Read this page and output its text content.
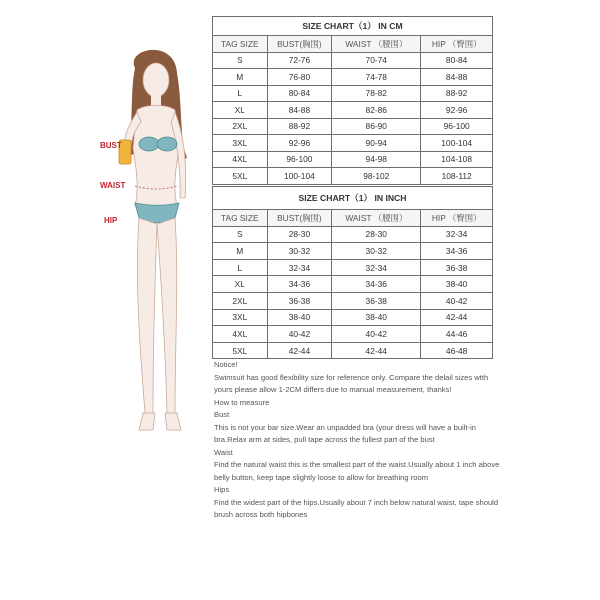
BUST
WAIST
HIP
SIZE CHART（1） IN CM			
TAG SIZE	BUST(胸围)	WAIST （腰围）	HIP （臀围）
S	72-76	70-74	80-84
M	76-80	74-78	84-88
L	80-84	78-82	88-92
XL	84-88	82-86	92-96
2XL	88-92	86-90	96-100
3XL	92-96	90-94	100-104
4XL	96-100	94-98	104-108
5XL	100-104	98-102	108-112
SIZE CHART（1） IN INCH			
TAG SIZE	BUST(胸围)	WAIST （腰围）	HIP （臀围）
S	28-30	28-30	32-34
M	30-32	30-32	34-36
L	32-34	32-34	36-38
XL	34-36	34-36	38-40
2XL	36-38	36-38	40-42
3XL	38-40	38-40	42-44
4XL	40-42	40-42	44-46
5XL	42-44	42-44	46-48
Notice!
Swimsuit has good flexibility size for reference only. Compare the delail sizes wtth yours please allow 1-2CM differs due to manual measurement, thanks!
How to measure
Bust
This is not your bar size.Wear an unpadded bra (your dress will have a built-in bra.Relax arm at sides, pull tape across the fullest part of the bust
Waist
Find the natural waist this is the smallest part of the waist.Usually about 1 inch above belly button, keep tape slightly loose to allow for breathing room
Hips
Find the widest part of the hips.Usually about 7 inch below natural waist, tape should brush across both hipbones
